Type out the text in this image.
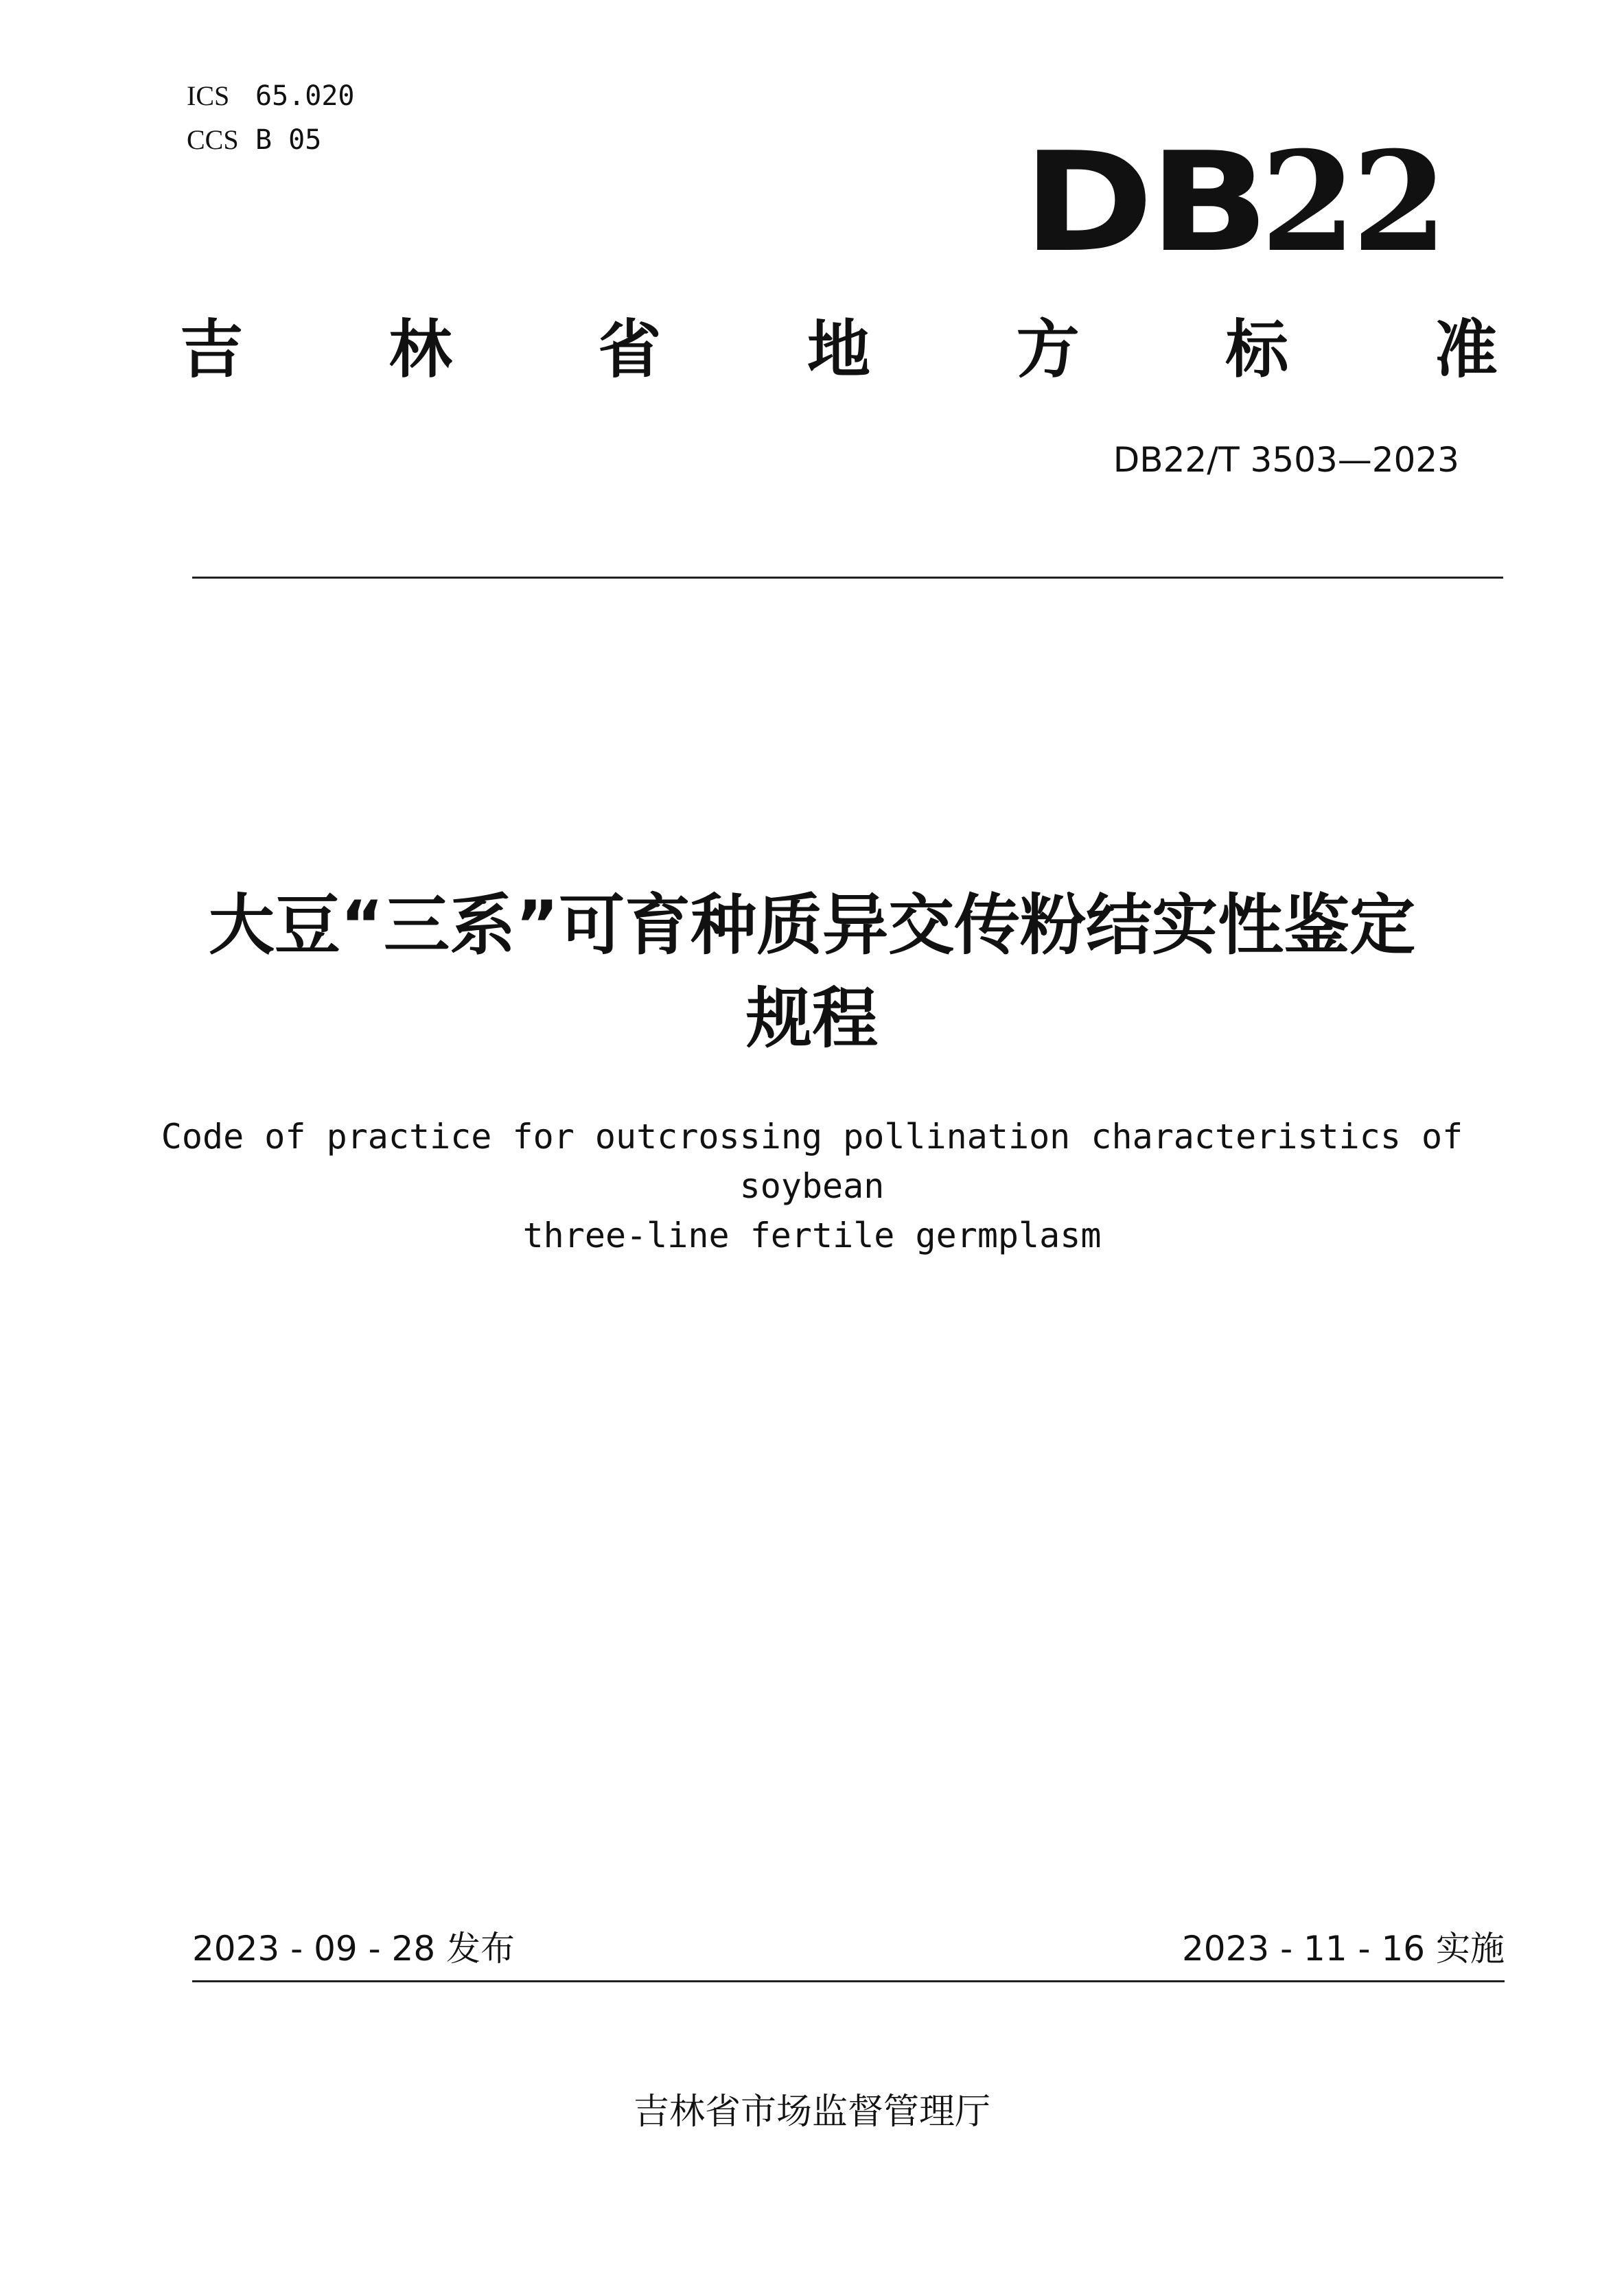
ICS 65.020
CCS B 05	DB22
吉 林 省 地 方 标 准
DB22/T 3503—2023
大豆“三系”可育种质异交传粉结实性鉴定
规程
Code of practice for outcrossing pollination characteristics of soybean
three-line fertile germplasm
2023 - 09 - 28 发布	2023 - 11 - 16 实施
吉林省市场监督管理厅
